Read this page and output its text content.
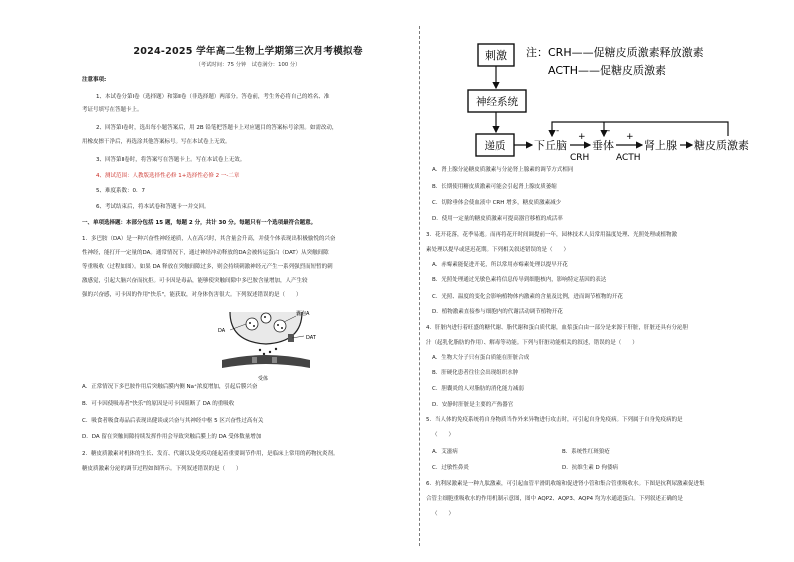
2024-2025 学年高二生物上学期第三次月考模拟卷
（考试时间：75 分钟　试卷满分：100 分）
注意事项:
1、本试卷分第Ⅰ卷（选择题）和第Ⅱ卷（非选择题）两部分。答卷前，考生务必将自己的姓名、准
考证号填写在答题卡上。
2、回答第Ⅰ卷时，选出每小题答案后，用 2B 铅笔把答题卡上对应题目的答案标号涂黑。如需改动，
用橡皮擦干净后，再选涂其他答案标号。写在本试卷上无效。
3、回答第Ⅱ卷时，将答案写在答题卡上。写在本试卷上无效。
4、测试范围：人教版选择性必修 1+选择性必修 2 一-二章
5、难度系数：0．7
6、考试结束后，将本试卷和答题卡一并交回。
一、单项选择题：本部分包括 15 题，每题 2 分，共计 30 分。每题只有一个选项最符合题意。
1．多巴胺（DA）是一种兴奋性神经递质，人在高兴时，其含量会升高，并使个体表现出积极愉悦的兴奋
性神经，能打开一定量的DA。通常情况下，通过神经冲动释放的DA会被转运蛋白（DAT）从突触间隙
等重吸收（过程如图）。如果 DA 释放在突触间隙过多，则会持续刺激神经元产生一系列强烈而短暂的刺
激感觉，引起大脑兴奋而抗拒。可卡因是毒品，能够使突触间隙中多巴胺含量增加，人产生较
强的兴奋感，可卡因的作用"快乐"，能获取，对身体伤害很大。下列叙述错误的是（　　）
囊泡A
DA
DAT
受体
A．正常情况下多巴胺作用后突触后膜内侧 Na⁺浓度增加，引起后膜兴奋
B．可卡因使吸毒者"快乐"的原因是可卡因阻断了 DA 的重吸收
C．吸食者吸食毒品后表现出健谈或兴奋与其神经中枢 5 区兴奋性过高有关
D．DA 留在突触间隙持续发挥作用会导致突触后膜上的 DA 受体数量增加
2．糖皮质激素对机体的生长、发育、代谢以及免疫功能起着重要调节作用，是临床上常用的药物抗炎剂。
糖皮质激素分泌的调节过程如图所示。下列叙述错误的是（　　）
刺激 注：CRH——促糖皮质激素释放激素
ACTH——促糖皮质激素
神经系统
递质	下丘脑
CRH
+
垂体
ACTH
+
肾上腺 糖皮质激素
-	-
A．肾上腺分泌糖皮质激素与分泌肾上腺素的调节方式相同
B．长期使用糖皮质激素可能会引起肾上腺皮质萎缩
C．切除垂体会使血液中 CRH 增多，糖皮质激素减少
D．使用一定量的糖皮质激素可提高器官移植的成活率
3．花开花落，花季易逝。而再将花开时间调提前一年，园林技术人员常用温度处理、光照处理或植物激
素处理以提早或延迟花期。下列相关叙述错误的是（　　）
A．赤霉素能促进开花，所以常用赤霉素处理以提早开花
B．光照处理通过光敏色素将信息传导到细胞核内，影响特定基因的表达
C．光照、温度的变化会影响植物体内激素的含量及比例，进而调节植物的开花
D．植物激素直接参与细胞内的代谢活动调节植物开花
4．肝脏内进行着旺盛的糖代谢、脂代谢和蛋白质代谢，血浆蛋白由一部分是来源于肝脏，肝脏还具有分泌胆
汁（起乳化脂肪的作用）、解毒等功能。下列与肝脏功能相关的叙述，错误的是（　　）
A．生物大分子只有蛋白质能在肝脏合成
B．肝硬化患者往往会出现组织水肿
C．胆囊炎的人对脂肪的消化能力减弱
D．安静时肝脏是主要的产热器官
5．当人体的免疫系统将自身物质当作外来异物进行攻击时，可引起自身免疫病。下列属于自身免疫病的是
（　　）
A．艾滋病	B．系统性红斑狼疮
C．过敏性鼻炎	D．抗维生素 D 佝偻病
6．抗利尿激素是一种九肽激素，可引起血管平滑肌收缩和促进肾小管和集合管重吸收水。下图是抗利尿激素促进集
合管主细胞重吸收水的作用机制示意图，图中 AQP2、AQP3、AQP4 均为水通道蛋白。下列叙述正确的是
（　　）
